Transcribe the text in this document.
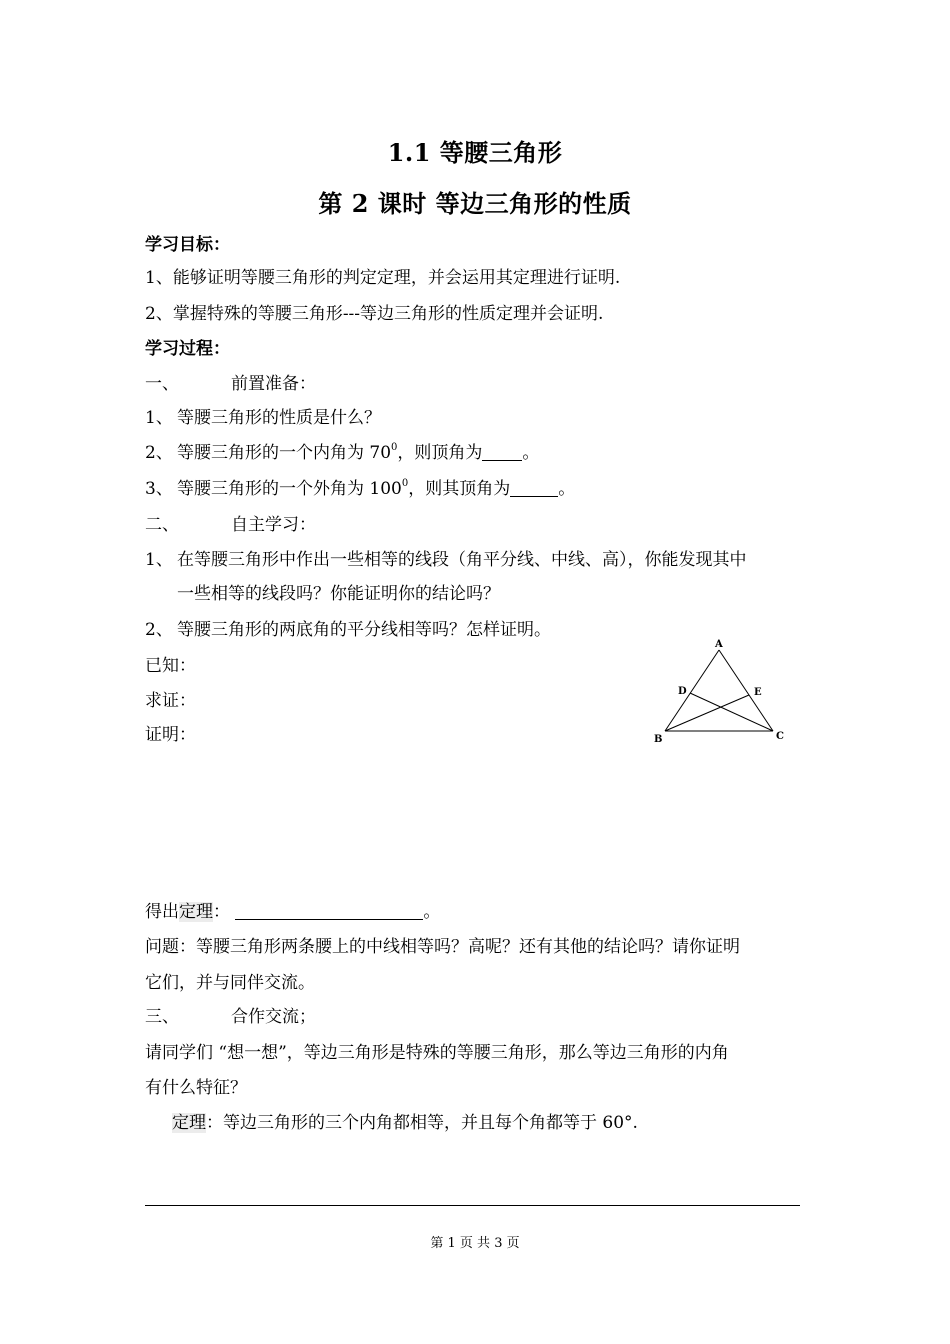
1.1 等腰三角形
第 2 课时 等边三角形的性质
学习目标：
1、能够证明等腰三角形的判定定理，并会运用其定理进行证明.
2、掌握特殊的等腰三角形---等边三角形的性质定理并会证明.
学习过程：
一、	前置准备：
1、 等腰三角形的性质是什么？
2、 等腰三角形的一个内角为 $70^0$，则顶角为 。
3、 等腰三角形的一个外角为 $100^0$，则其顶角为	。
二、	自主学习：
1、 在等腰三角形中作出一些相等的线段（角平分线、中线、高），你能发现其中
一些相等的线段吗？你能证明你的结论吗？
2、 等腰三角形的两底角的平分线相等吗？怎样证明。
已知：
求证：
证明：
A
D	E
B	C
得出定理：	。
问题：等腰三角形两条腰上的中线相等吗？高呢？还有其他的结论吗？请你证明
它们，并与同伴交流。
三、	合作交流；
请同学们 “想一想”，等边三角形是特殊的等腰三角形，那么等边三角形的内角
有什么特征？
定理：等边三角形的三个内角都相等，并且每个角都等于 60°.
第 1 页 共 3 页
